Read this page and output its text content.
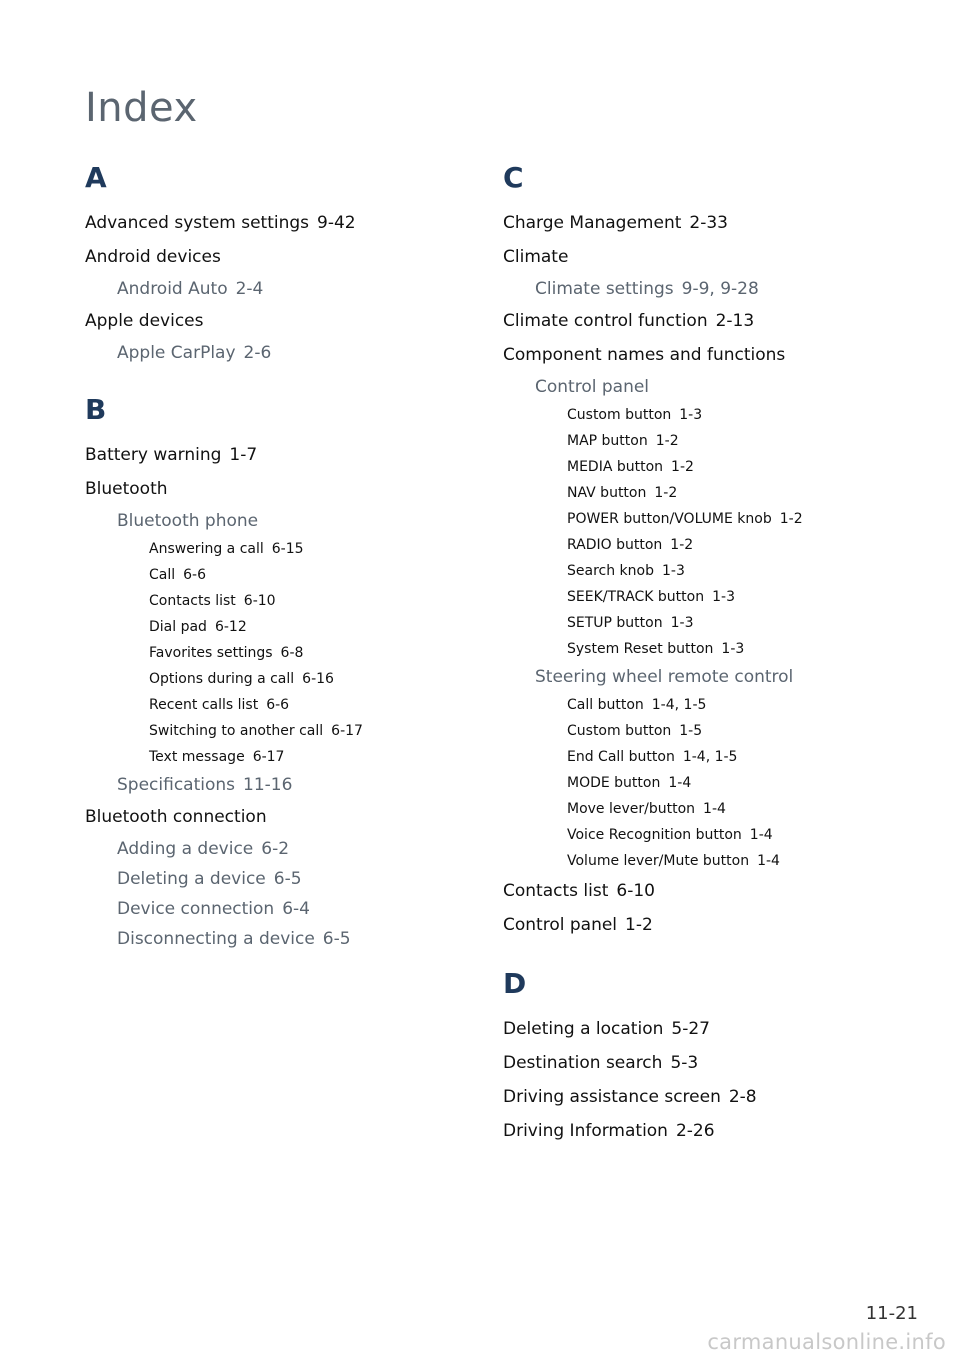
Index
A
Advanced system settings 9-42
Android devices
Android Auto 2-4
Apple devices
Apple CarPlay 2-6
B
Battery warning 1-7
Bluetooth
Bluetooth phone
Answering a call 6-15
Call 6-6
Contacts list 6-10
Dial pad 6-12
Favorites settings 6-8
Options during a call 6-16
Recent calls list 6-6
Switching to another call 6-17
Text message 6-17
Specifications 11-16
Bluetooth connection
Adding a device 6-2
Deleting a device 6-5
Device connection 6-4
Disconnecting a device 6-5
C
Charge Management 2-33
Climate
Climate settings 9-9, 9-28
Climate control function 2-13
Component names and functions
Control panel
Custom button 1-3
MAP button 1-2
MEDIA button 1-2
NAV button 1-2
POWER button/VOLUME knob 1-2
RADIO button 1-2
Search knob 1-3
SEEK/TRACK button 1-3
SETUP button 1-3
System Reset button 1-3
Steering wheel remote control
Call button 1-4, 1-5
Custom button 1-5
End Call button 1-4, 1-5
MODE button 1-4
Move lever/button 1-4
Voice Recognition button 1-4
Volume lever/Mute button 1-4
Contacts list 6-10
Control panel 1-2
D
Deleting a location 5-27
Destination search 5-3
Driving assistance screen 2-8
Driving Information 2-26
11-21
carmanualsonline.info
